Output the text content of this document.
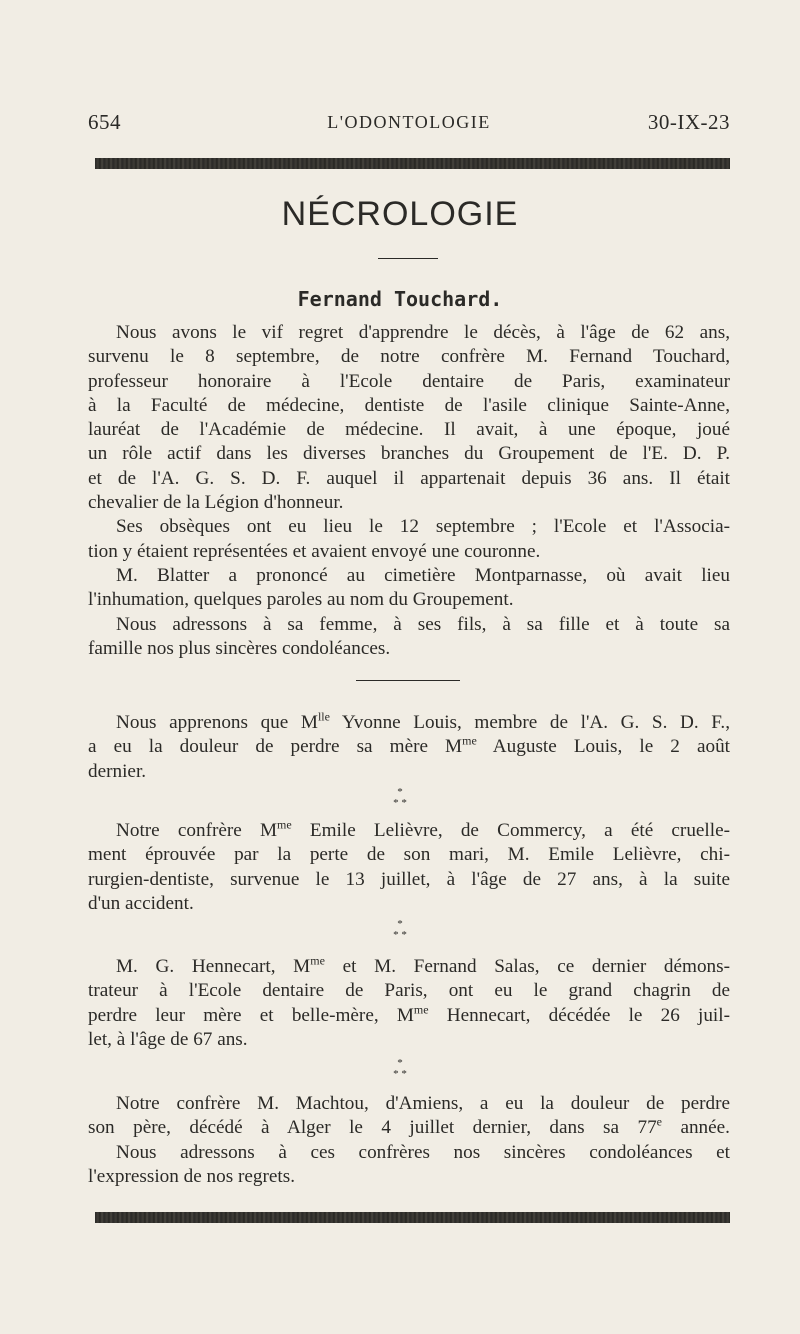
654	L'ODONTOLOGIE	30-IX-23
NÉCROLOGIE
Fernand Touchard.
Nous avons le vif regret d'apprendre le décès, à l'âge de 62 ans,
survenu le 8 septembre, de notre confrère M. Fernand Touchard,
professeur honoraire à l'Ecole dentaire de Paris, examinateur
à la Faculté de médecine, dentiste de l'asile clinique Sainte-Anne,
lauréat de l'Académie de médecine. Il avait, à une époque, joué
un rôle actif dans les diverses branches du Groupement de l'E. D. P.
et de l'A. G. S. D. F. auquel il appartenait depuis 36 ans. Il était
chevalier de la Légion d'honneur.
Ses obsèques ont eu lieu le 12 septembre ; l'Ecole et l'Associa-
tion y étaient représentées et avaient envoyé une couronne.
M. Blatter a prononcé au cimetière Montparnasse, où avait lieu
l'inhumation, quelques paroles au nom du Groupement.
Nous adressons à sa femme, à ses fils, à sa fille et à toute sa
famille nos plus sincères condoléances.
Nous apprenons que $M^{lle}$ Yvonne Louis, membre de l'A. G. S. D. F.,
a eu la douleur de perdre sa mère $M^{me}$ Auguste Louis, le 2 août
dernier.
*
* *
Notre confrère $M^{me}$ Emile Lelièvre, de Commercy, a été cruelle-
ment éprouvée par la perte de son mari, M. Emile Lelièvre, chi-
rurgien-dentiste, survenue le 13 juillet, à l'âge de 27 ans, à la suite
d'un accident.
*
* *
M. G. Hennecart, $M^{me}$ et M. Fernand Salas, ce dernier démons-
trateur à l'Ecole dentaire de Paris, ont eu le grand chagrin de
perdre leur mère et belle-mère, $M^{me}$ Hennecart, décédée le 26 juil-
let, à l'âge de 67 ans.
*
* *
Notre confrère M. Machtou, d'Amiens, a eu la douleur de perdre
son père, décédé à Alger le 4 juillet dernier, dans sa 77e année.
Nous adressons à ces confrères nos sincères condoléances et
l'expression de nos regrets.
